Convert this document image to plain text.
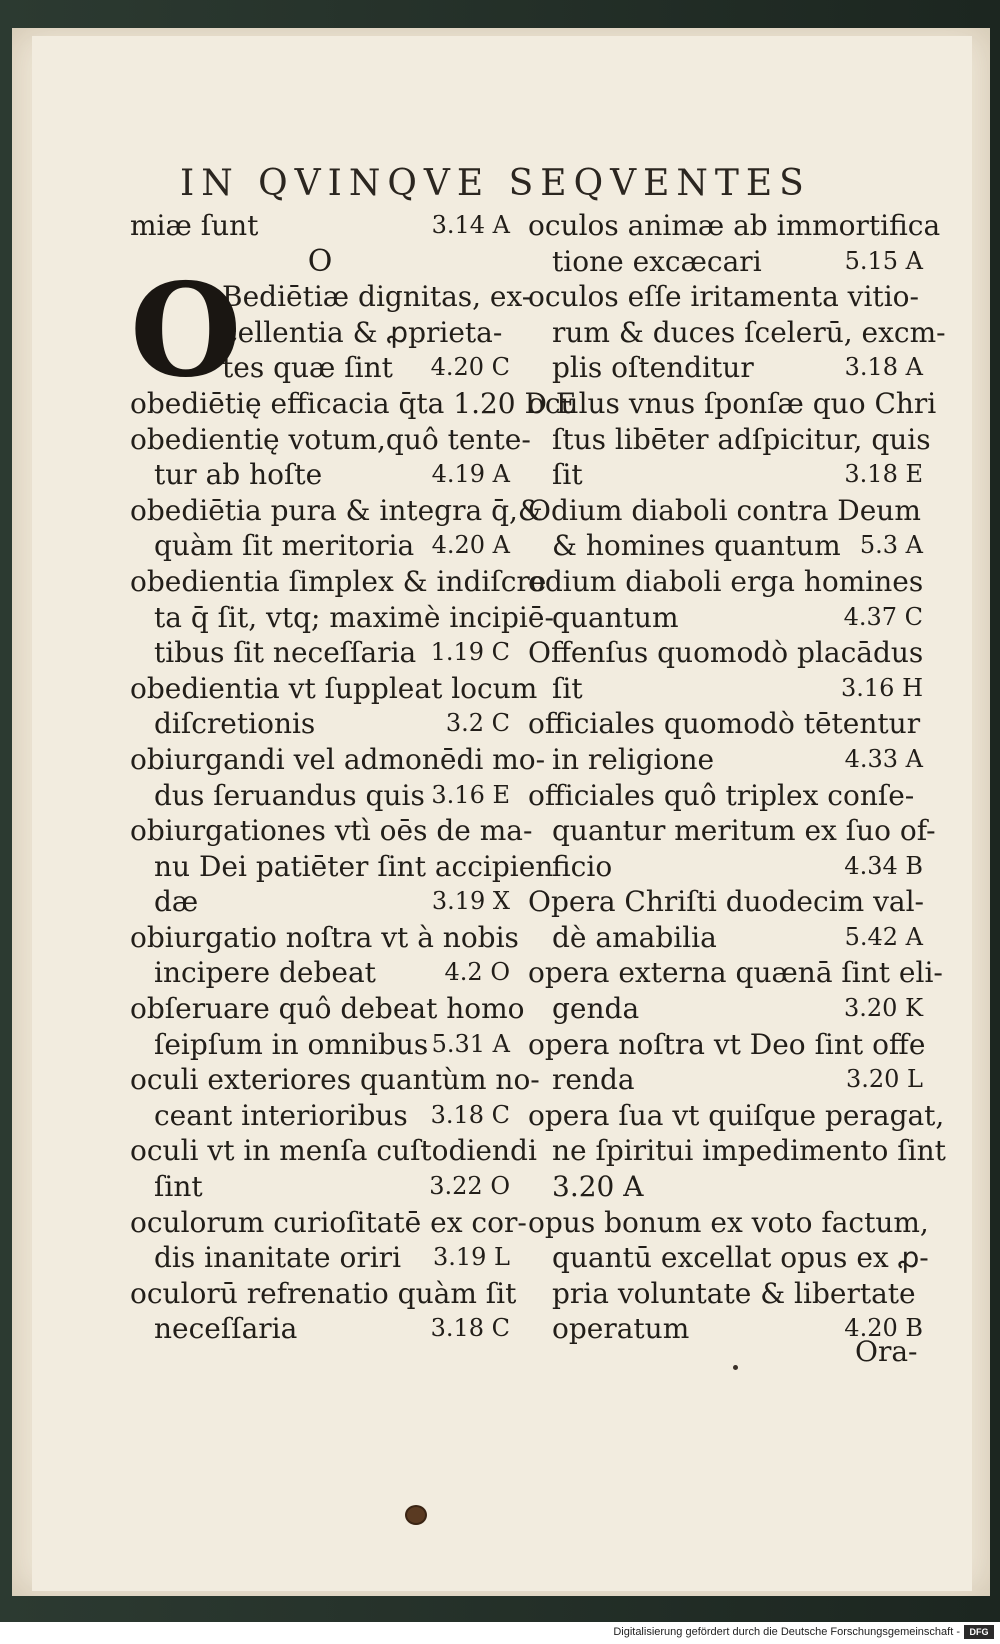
IN QVINQVE SEQVENTES
miæ ſunt	3.14 A
O
O
Bediētiæ dignitas, ex-
cellentia & ꝓprieta-
tes quæ ſint	4.20 C
obediētię efficacia q̄ta 1.20 D E
obedientię votum,quô tente-
tur ab hoſte	4.19 A
obediētia pura & integra q̄,&
quàm ſit meritoria 4.20 A
obedientia ſimplex & indiſcre
ta q̄ ſit, vtq; maximè incipiē-
tibus ſit neceſſaria 1.19 C
obedientia vt ſuppleat locum
diſcretionis	3.2 C
obiurgandi vel admonēdi mo-
dus ſeruandus quis 3.16 E
obiurgationes vtì oēs de ma-
nu Dei patiēter ſint accipien
dæ	3.19 X
obiurgatio noſtra vt à nobis
incipere debeat	4.2 O
obſeruare quô debeat homo
ſeipſum in omnibus 5.31 A
oculi exteriores quantùm no-
ceant interioribus 3.18 C
oculi vt in menſa cuſtodiendi
ſint	3.22 O
oculorum curioſitatē ex cor-
dis inanitate oriri	3.19 L
oculorū refrenatio quàm ſit
neceſſaria	3.18 C
oculos animæ ab immortifica
tione excæcari	5.15 A
oculos eſſe iritamenta vitio-
rum & duces ſcelerū, excm-
plis oſtenditur	3.18 A
oculus vnus ſponſæ quo Chri
ſtus libēter adſpicitur, quis
ſit	3.18 E
Odium diaboli contra Deum
& homines quantum 5.3 A
odium diaboli erga homines
quantum	4.37 C
Offenſus quomodò placādus
ſit	3.16 H
officiales quomodò tētentur
in religione	4.33 A
officiales quô triplex conſe-
quantur meritum ex ſuo of-
ficio	4.34 B
Opera Chriſti duodecim val-
dè amabilia	5.42 A
opera externa quænā ſint eli-
genda	3.20 K
opera noſtra vt Deo ſint offe
renda	3.20 L
opera ſua vt quiſque peragat,
ne ſpiritui impedimento ſint
3.20 A
opus bonum ex voto factum,
quantū excellat opus ex ꝓ-
pria voluntate & libertate
operatum	4.20 B
Ora-
Digitalisierung gefördert durch die Deutsche Forschungsgemeinschaft -	DFG
